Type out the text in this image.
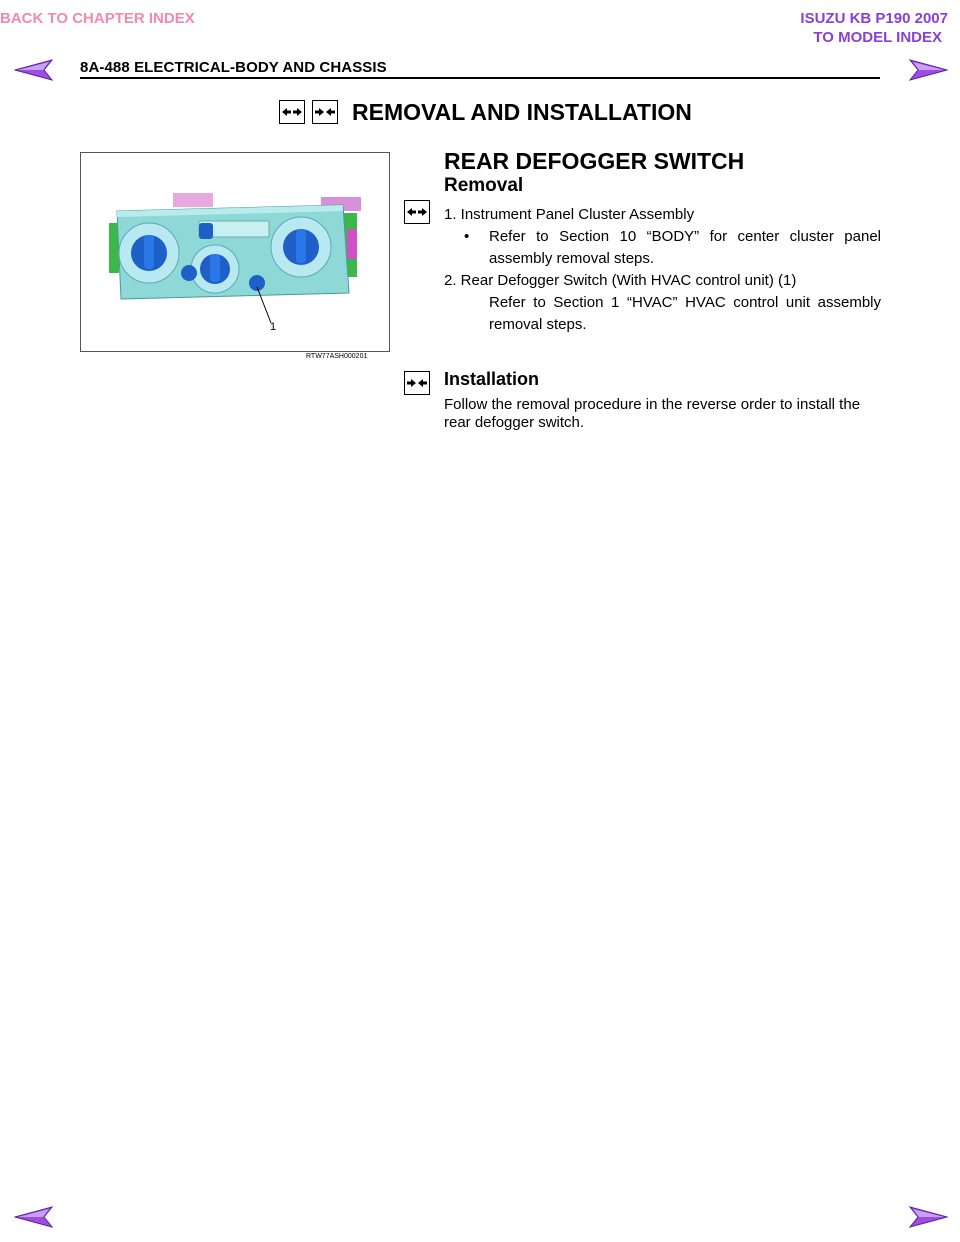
BACK TO CHAPTER INDEX	ISUZU KB P190 2007
TO MODEL INDEX
8A-488 ELECTRICAL-BODY AND CHASSIS
REMOVAL AND INSTALLATION
1
RTW77ASH000201
REAR DEFOGGER SWITCH
Removal
1. Instrument Panel Cluster Assembly
• Refer to Section 10 “BODY” for center cluster panel
assembly removal steps.
2. Rear Defogger Switch (With HVAC control unit) (1)
Refer to Section 1 “HVAC” HVAC control unit assembly
removal steps.
Installation
Follow the removal procedure in the reverse order to install the
rear defogger switch.
